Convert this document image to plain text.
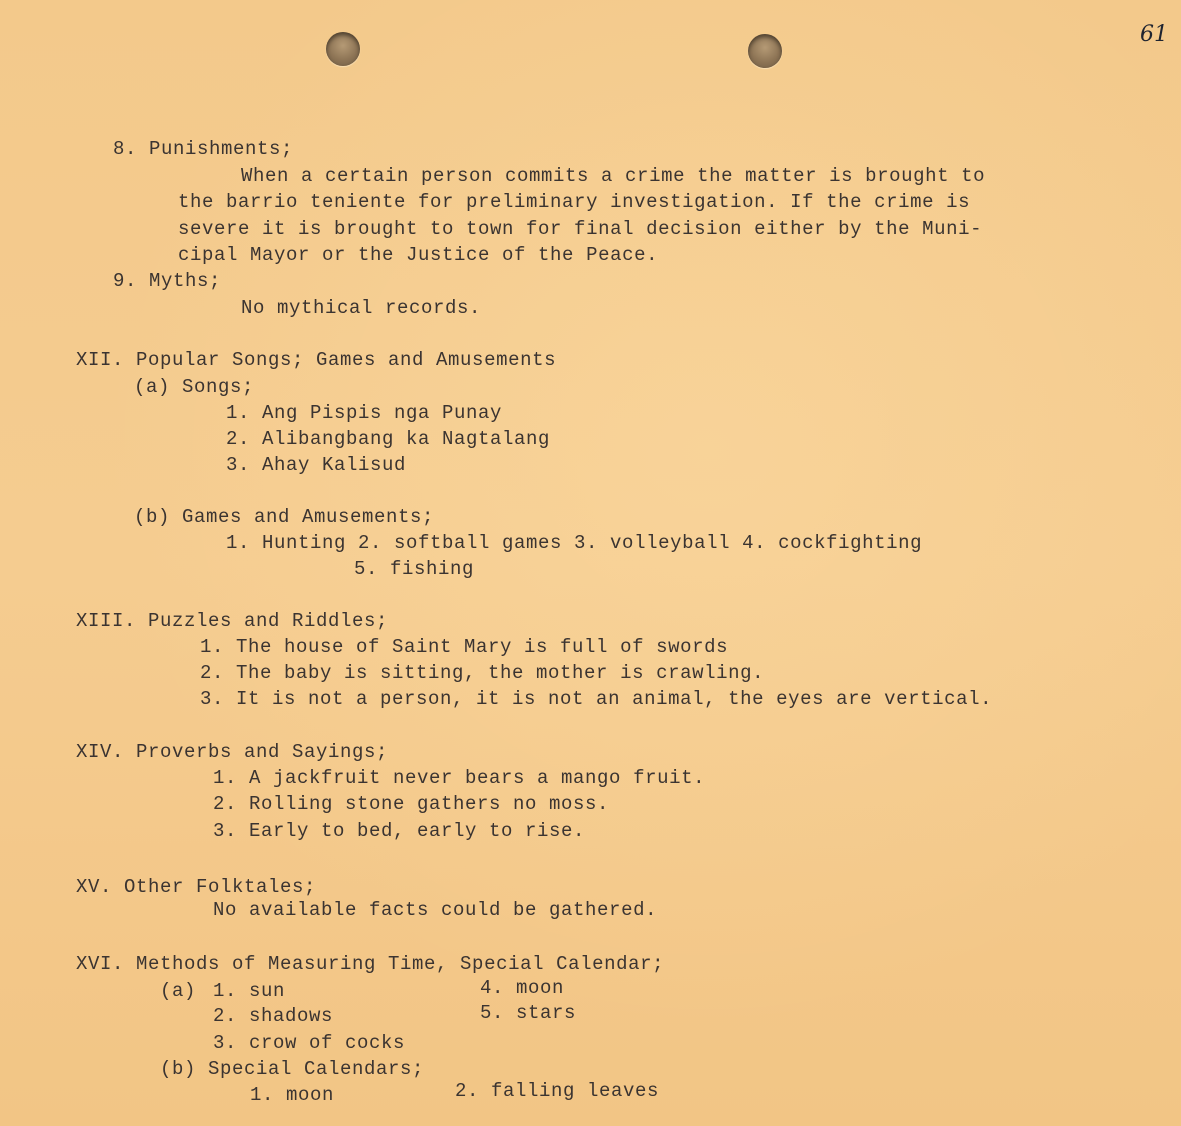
61
8. Punishments;
When a certain person commits a crime the matter is brought to
the barrio teniente for preliminary investigation. If the crime is
severe it is brought to town for final decision either by the Muni-
cipal Mayor or the Justice of the Peace.
9. Myths;
No mythical records.
XII. Popular Songs; Games and Amusements
(a) Songs;
1. Ang Pispis nga Punay
2. Alibangbang ka Nagtalang
3. Ahay Kalisud
(b) Games and Amusements;
1. Hunting 2. softball games 3. volleyball 4. cockfighting
5. fishing
XIII. Puzzles and Riddles;
1. The house of Saint Mary is full of swords
2. The baby is sitting, the mother is crawling.
3. It is not a person, it is not an animal, the eyes are vertical.
XIV. Proverbs and Sayings;
1. A jackfruit never bears a mango fruit.
2. Rolling stone gathers no moss.
3. Early to bed, early to rise.
XV. Other Folktales;
No available facts could be gathered.
XVI. Methods of Measuring Time, Special Calendar;
(a) 1. sun	4. moon
2. shadows	5. stars
3. crow of cocks
(b) Special Calendars;
1. moon	2. falling leaves
